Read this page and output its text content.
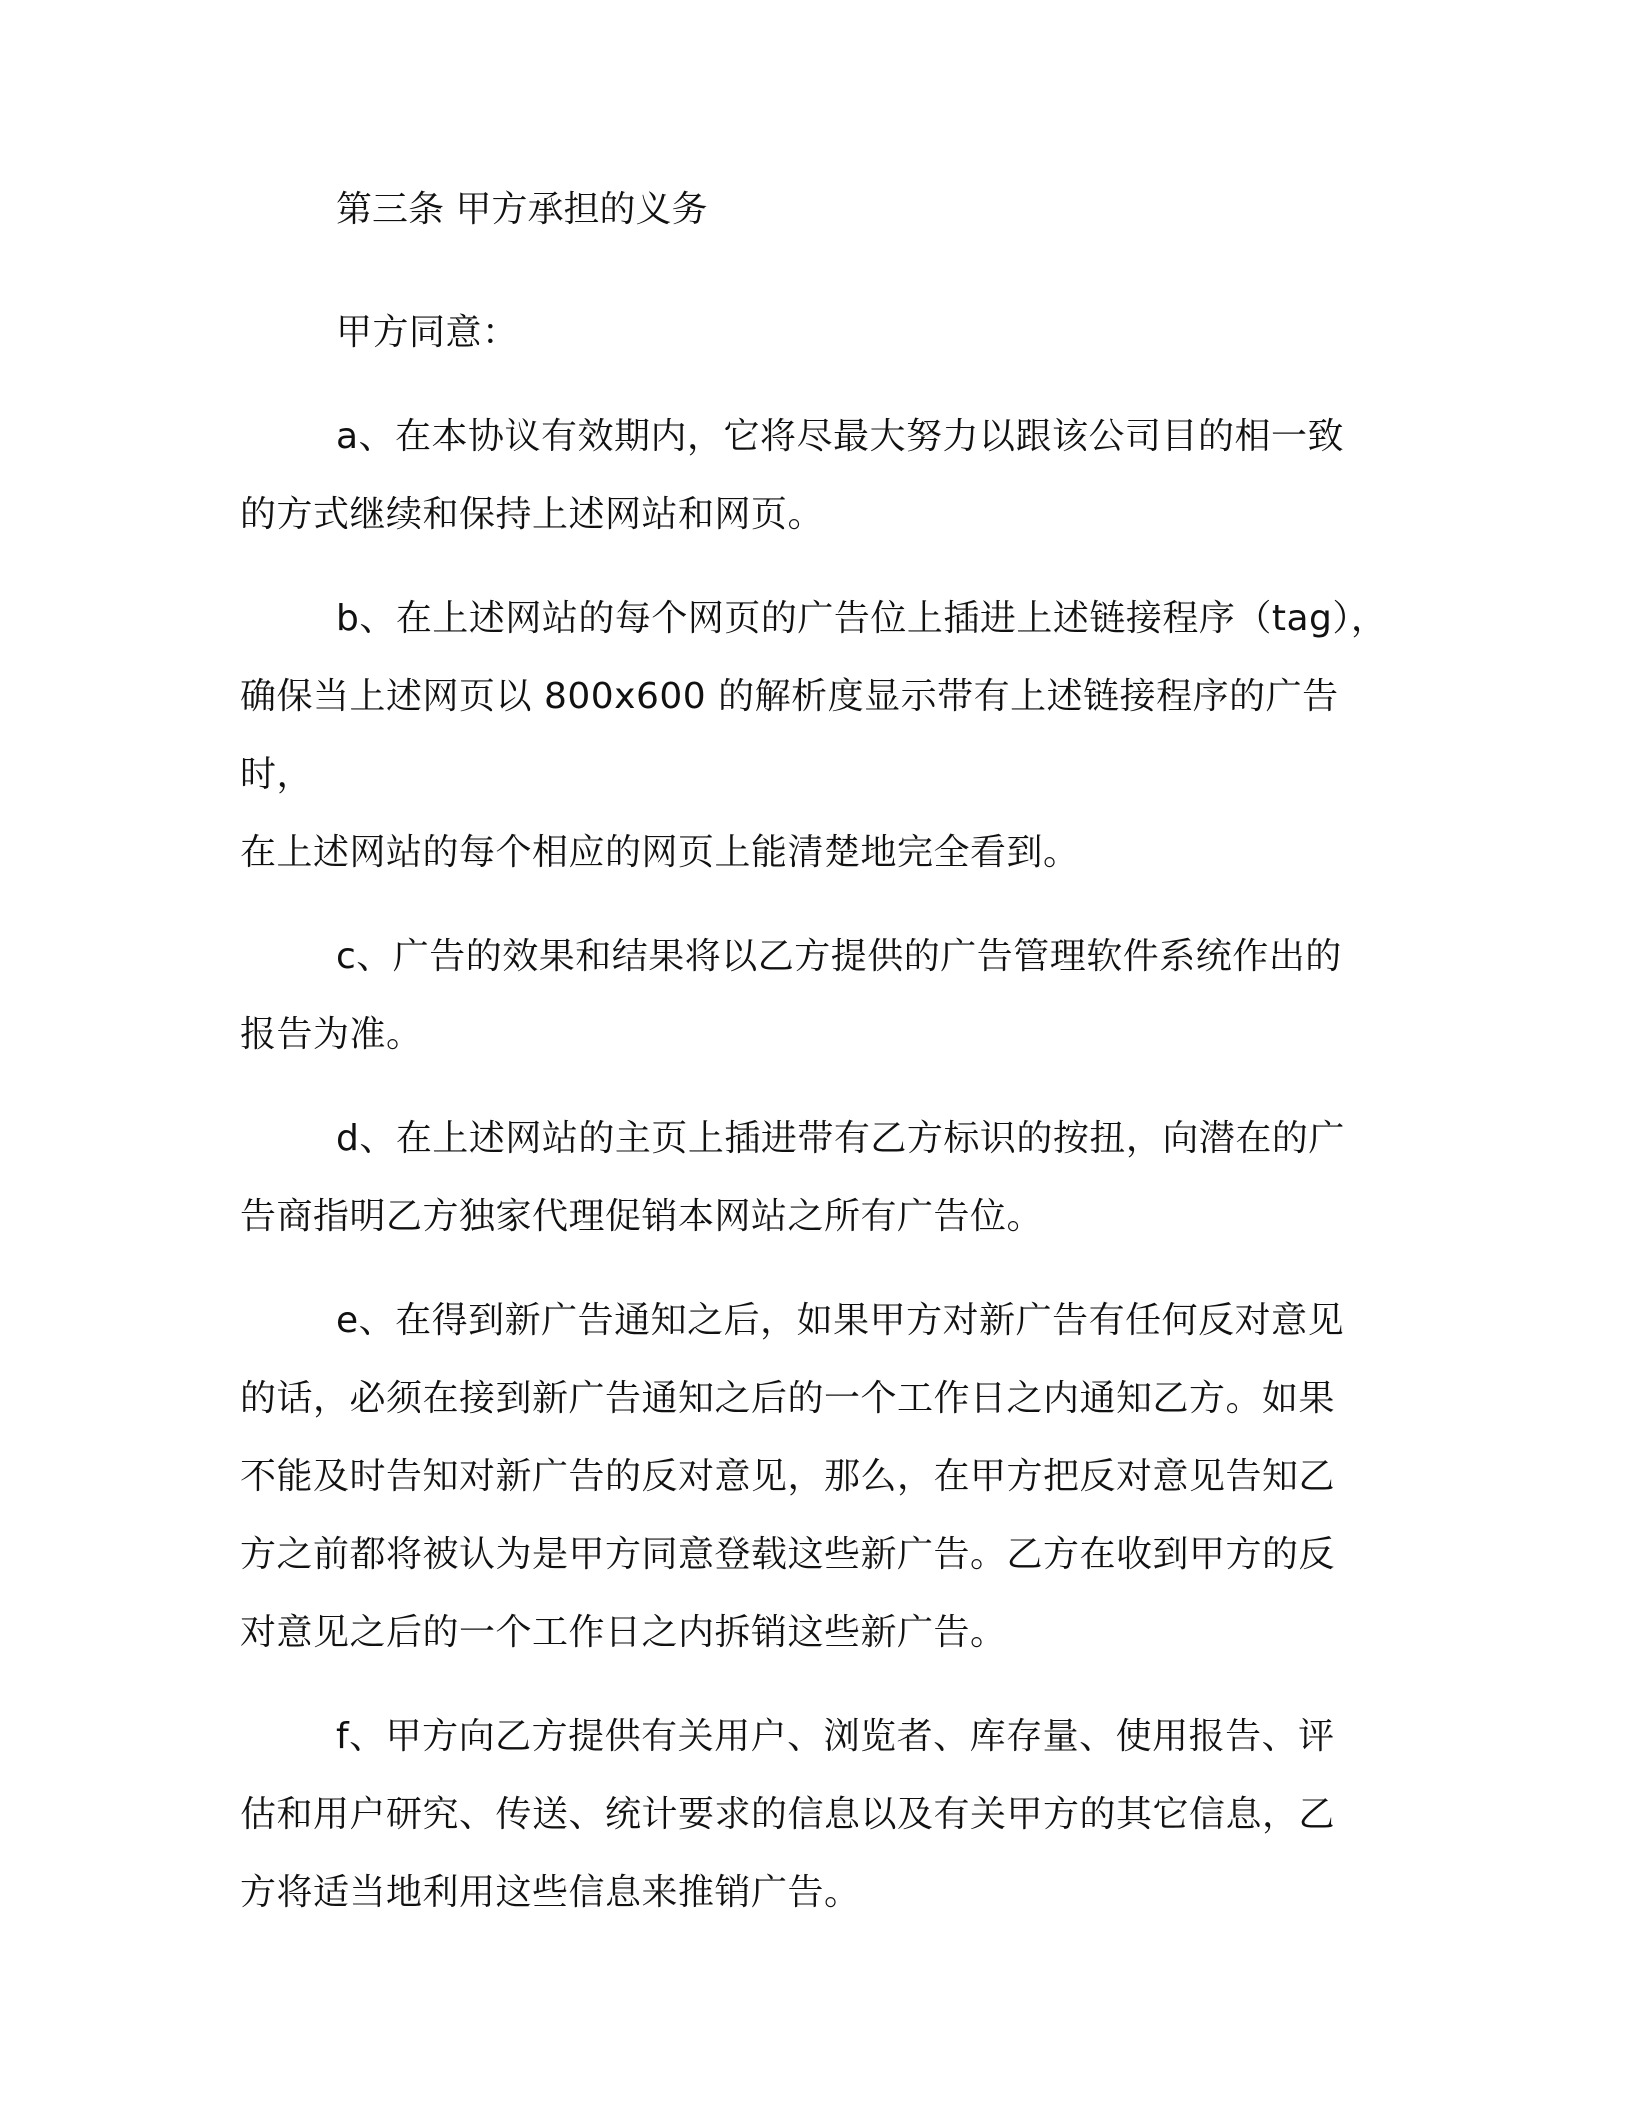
第三条 甲方承担的义务

甲方同意：

a、在本协议有效期内，它将尽最大努力以跟该公司目的相一致
的方式继续和保持上述网站和网页。

b、在上述网站的每个网页的广告位上插进上述链接程序（tag），
确保当上述网页以 800x600 的解析度显示带有上述链接程序的广告时，
在上述网站的每个相应的网页上能清楚地完全看到。

c、广告的效果和结果将以乙方提供的广告管理软件系统作出的
报告为准。

d、在上述网站的主页上插进带有乙方标识的按扭，向潜在的广
告商指明乙方独家代理促销本网站之所有广告位。

e、在得到新广告通知之后，如果甲方对新广告有任何反对意见
的话，必须在接到新广告通知之后的一个工作日之内通知乙方。如果
不能及时告知对新广告的反对意见，那么，在甲方把反对意见告知乙
方之前都将被认为是甲方同意登载这些新广告。乙方在收到甲方的反
对意见之后的一个工作日之内拆销这些新广告。

f、甲方向乙方提供有关用户、浏览者、库存量、使用报告、评
估和用户研究、传送、统计要求的信息以及有关甲方的其它信息，乙
方将适当地利用这些信息来推销广告。
